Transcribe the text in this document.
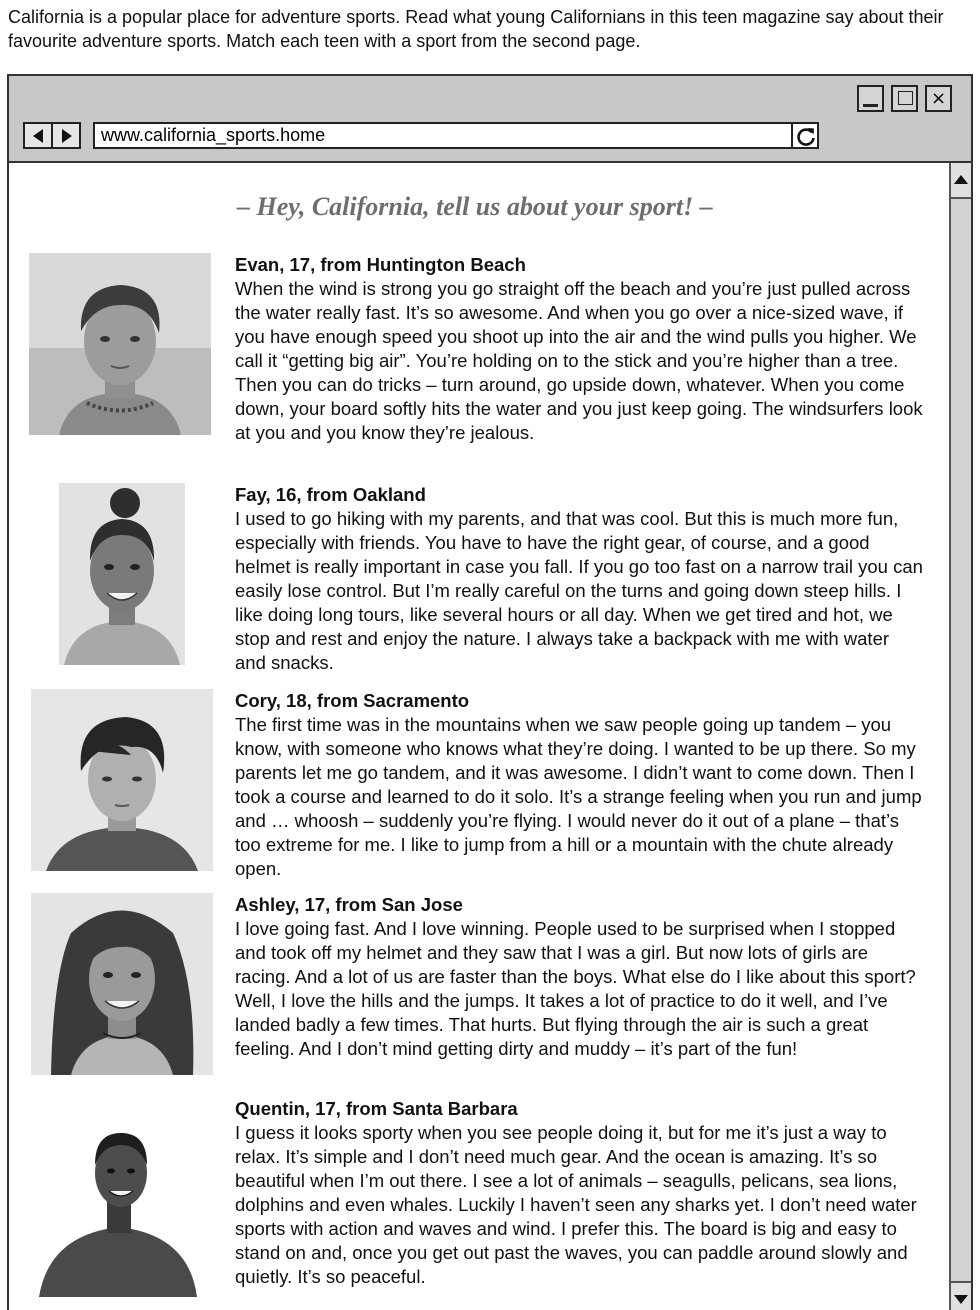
California is a popular place for adventure sports. Read what young Californians in this teen magazine say about their favourite adventure sports. Match each teen with a sport from the second page.
×
www.california_sports.home
– Hey, California, tell us about your sport! –
Evan, 17, from Huntington Beach
When the wind is strong you go straight off the beach and you’re just pulled across the water really fast. It’s so awesome. And when you go over a nice-sized wave, if you have enough speed you shoot up into the air and the wind pulls you higher. We call it “getting big air”. You’re holding on to the stick and you’re higher than a tree. Then you can do tricks – turn around, go upside down, whatever. When you come down, your board softly hits the water and you just keep going. The windsurfers look at you and you know they’re jealous.
Fay, 16, from Oakland
I used to go hiking with my parents, and that was cool. But this is much more fun, especially with friends. You have to have the right gear, of course, and a good helmet is really important in case you fall. If you go too fast on a narrow trail you can easily lose control. But I’m really careful on the turns and going down steep hills. I like doing long tours, like several hours or all day. When we get tired and hot, we stop and rest and enjoy the nature. I always take a backpack with me with water and snacks.
Cory, 18, from Sacramento
The first time was in the mountains when we saw people going up tandem – you know, with someone who knows what they’re doing. I wanted to be up there. So my parents let me go tandem, and it was awesome. I didn’t want to come down. Then I took a course and learned to do it solo. It’s a strange feeling when you run and jump and … whoosh – suddenly you’re flying. I would never do it out of a plane – that’s too extreme for me. I like to jump from a hill or a mountain with the chute already open.
Ashley, 17, from San Jose
I love going fast. And I love winning. People used to be surprised when I stopped and took off my helmet and they saw that I was a girl. But now lots of girls are racing. And a lot of us are faster than the boys. What else do I like about this sport? Well, I love the hills and the jumps. It takes a lot of practice to do it well, and I’ve landed badly a few times. That hurts. But flying through the air is such a great feeling. And I don’t mind getting dirty and muddy – it’s part of the fun!
Quentin, 17, from Santa Barbara
I guess it looks sporty when you see people doing it, but for me it’s just a way to relax. It’s simple and I don’t need much gear. And the ocean is amazing. It’s so beautiful when I’m out there. I see a lot of animals – seagulls, pelicans, sea lions, dolphins and even whales. Luckily I haven’t seen any sharks yet. I don’t need water sports with action and waves and wind. I prefer this. The board is big and easy to stand on and, once you get out past the waves, you can paddle around slowly and quietly. It’s so peaceful.
